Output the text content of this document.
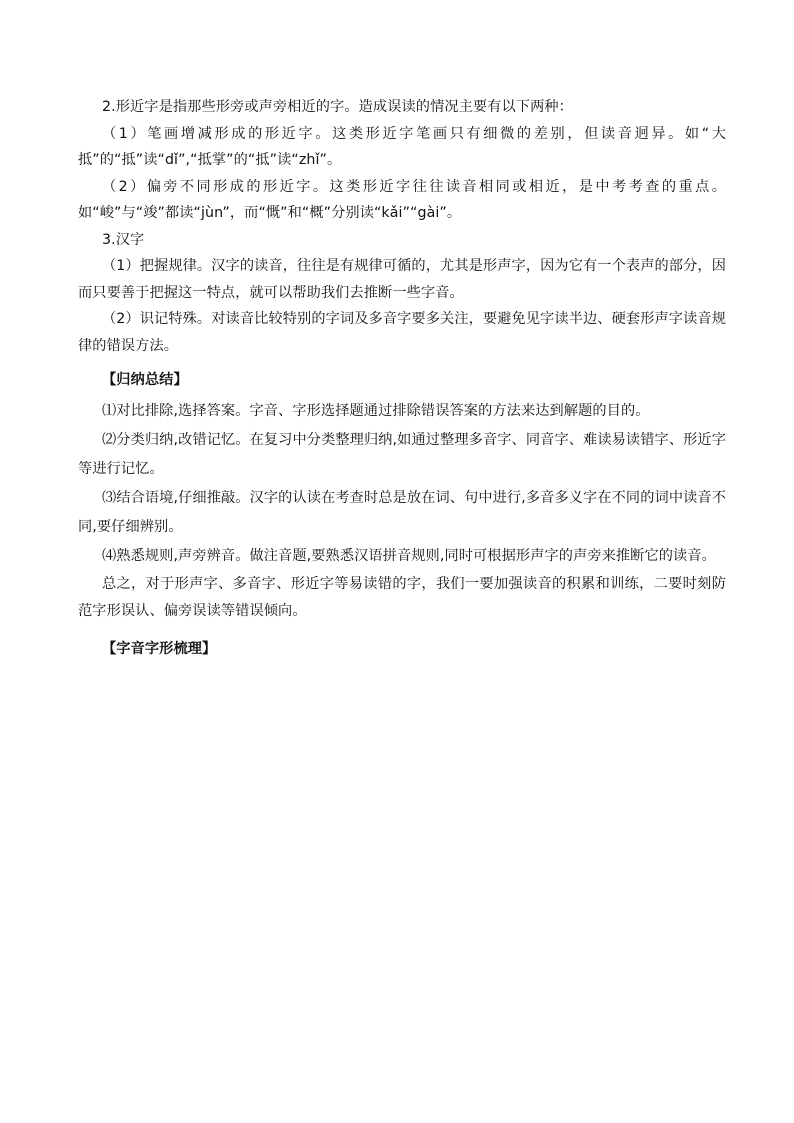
2.形近字是指那些形旁或声旁相近的字。造成误读的情况主要有以下两种：

（1）笔画增减形成的形近字。这类形近字笔画只有细微的差别，但读音迥异。如“大抵”的“抵”读“dǐ”,“抵掌”的“抵”读“zhǐ”。

（2）偏旁不同形成的形近字。这类形近字往往读音相同或相近，是中考考查的重点。如“峻”与“竣”都读“jùn”，而“慨”和“概”分别读“kǎi”“gài”。

3.汉字

（1）把握规律。汉字的读音，往往是有规律可循的，尤其是形声字，因为它有一个表声的部分，因而只要善于把握这一特点，就可以帮助我们去推断一些字音。

（2）识记特殊。对读音比较特别的字词及多音字要多关注，要避免见字读半边、硬套形声字读音规律的错误方法。

【归纳总结】

⑴对比排除,选择答案。字音、字形选择题通过排除错误答案的方法来达到解题的目的。

⑵分类归纳,改错记忆。在复习中分类整理归纳,如通过整理多音字、同音字、难读易读错字、形近字等进行记忆。

⑶结合语境,仔细推敲。汉字的认读在考查时总是放在词、句中进行,多音多义字在不同的词中读音不同,要仔细辨别。

⑷熟悉规则,声旁辨音。做注音题,要熟悉汉语拼音规则,同时可根据形声字的声旁来推断它的读音。

总之，对于形声字、多音字、形近字等易读错的字，我们一要加强读音的积累和训练，二要时刻防范字形误认、偏旁误读等错误倾向。

【字音字形梳理】
